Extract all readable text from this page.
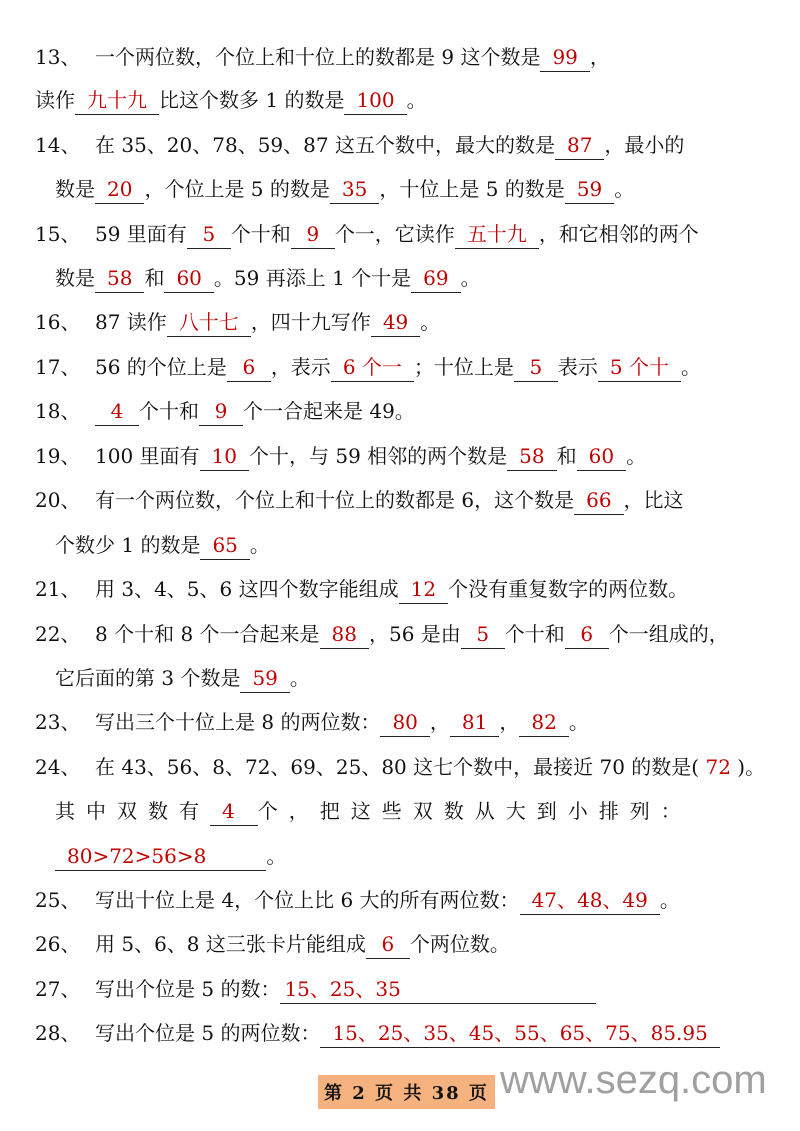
13、 一个两位数，个位上和十位上的数都是 9 这个数是 99 ，
读作 九十九 比这个数多 1 的数是 100 。
14、 在 35、20、78、59、87 这五个数中，最大的数是 87 ，最小的
数是 20 ，个位上是 5 的数是 35 ，十位上是 5 的数是 59 。
15、 59 里面有 5 个十和 9 个一，它读作 五十九 ，和它相邻的两个
数是 58 和 60 。59 再添上 1 个十是 69 。
16、 87 读作 八十七 ，四十九写作 49 。
17、 56 的个位上是 6 ，表示 6 个一 ；十位上是 5 表示 5 个十 。
18、	4 个十和 9 个一合起来是 49。
19、 100 里面有 10 个十，与 59 相邻的两个数是 58 和 60 。
20、 有一个两位数，个位上和十位上的数都是 6，这个数是 66 ，比这
个数少 1 的数是 65 。
21、 用 3、4、5、6 这四个数字能组成 12 个没有重复数字的两位数。
22、 8 个十和 8 个一合起来是 88 ，56 是由 5 个十和 6 个一组成的，
它后面的第 3 个数是 59 。
23、 写出三个十位上是 8 的两位数： 80 ， 81 ， 82 。
24、 在 43、56、8、72、69、25、80 这七个数中，最接近 70 的数是( 72 )。
其中双数有 4 个，把这些双数从大到小排列：
80>72>56>8	。
25、 写出十位上是 4，个位上比 6 大的所有两位数： 47、48、49 。
26、 用 5、6、8 这三张卡片能组成 6 个两位数。
27、 写出个位是 5 的数： 15、25、35
28、 写出个位是 5 的两位数： 15、25、35、45、55、65、75、85.95
第 2 页 共 38 页 www.sezq.com
